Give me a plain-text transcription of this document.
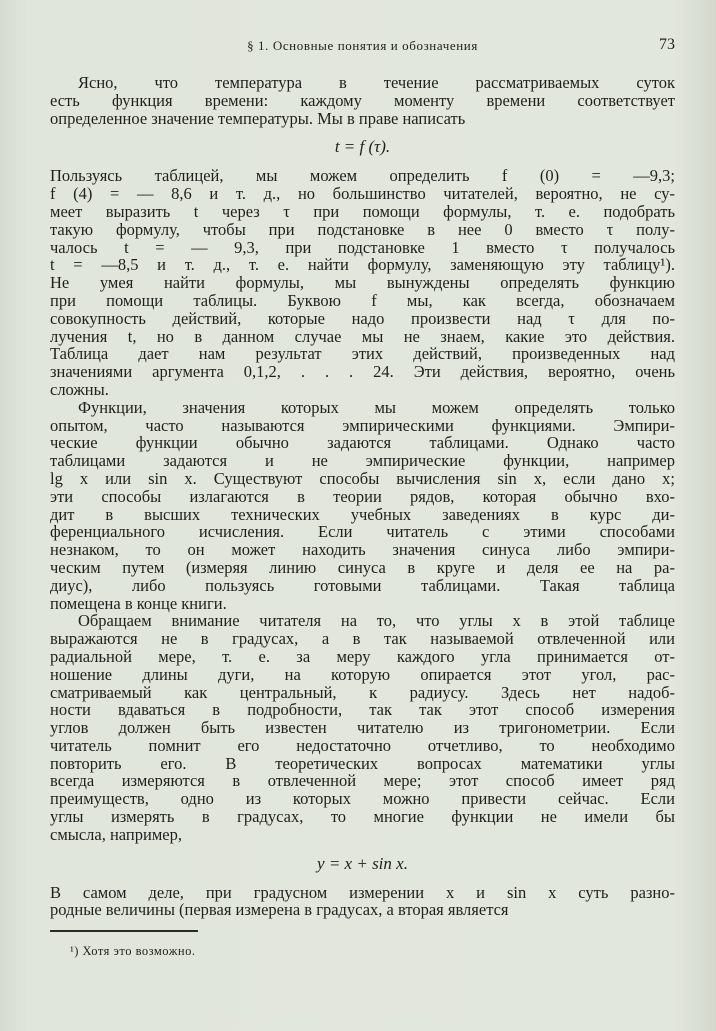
§ 1. Основные понятия и обозначения	73
Ясно, что температура в течение рассматриваемых суток
есть функция времени: каждому моменту времени соответствует
определенное значение температуры. Мы в праве написать
t = f (τ).
Пользуясь таблицей, мы можем определить f (0) = —9,3;
f (4) = — 8,6 и т. д., но большинство читателей, вероятно, не су-
меет выразить t через τ при помощи формулы, т. е. подобрать
такую формулу, чтобы при подстановке в нее 0 вместо τ полу-
чалось t = — 9,3, при подстановке 1 вместо τ получалось
t = —8,5 и т. д., т. е. найти формулу, заменяющую эту таблицу¹).
Не умея найти формулы, мы вынуждены определять функцию
при помощи таблицы. Буквою f мы, как всегда, обозначаем
совокупность действий, которые надо произвести над τ для по-
лучения t, но в данном случае мы не знаем, какие это действия.
Таблица дает нам результат этих действий, произведенных над
значениями аргумента 0,1,2, . . . 24. Эти действия, вероятно, очень
сложны.
Функции, значения которых мы можем определять только
опытом, часто называются эмпирическими функциями. Эмпири-
ческие функции обычно задаются таблицами. Однако часто
таблицами задаются и не эмпирические функции, например
lg x или sin x. Существуют способы вычисления sin x, если дано x;
эти способы излагаются в теории рядов, которая обычно вхо-
дит в высших технических учебных заведениях в курс ди-
ференциального исчисления. Если читатель с этими способами
незнаком, то он может находить значения синуса либо эмпири-
ческим путем (измеряя линию синуса в круге и деля ее на ра-
диус), либо пользуясь готовыми таблицами. Такая таблица
помещена в конце книги.
Обращаем внимание читателя на то, что углы x в этой таблице
выражаются не в градусах, а в так называемой отвлеченной или
радиальной мере, т. е. за меру каждого угла принимается от-
ношение длины дуги, на которую опирается этот угол, рас-
сматриваемый как центральный, к радиусу. Здесь нет надоб-
ности вдаваться в подробности, так так этот способ измерения
углов должен быть известен читателю из тригонометрии. Если
читатель помнит его недостаточно отчетливо, то необходимо
повторить его. В теоретических вопросах математики углы
всегда измеряются в отвлеченной мере; этот способ имеет ряд
преимуществ, одно из которых можно привести сейчас. Если
углы измерять в градусах, то многие функции не имели бы
смысла, например,
y = x + sin x.
В самом деле, при градусном измерении x и sin x суть разно-
родные величины (первая измерена в градусах, а вторая является
¹) Хотя это возможно.
